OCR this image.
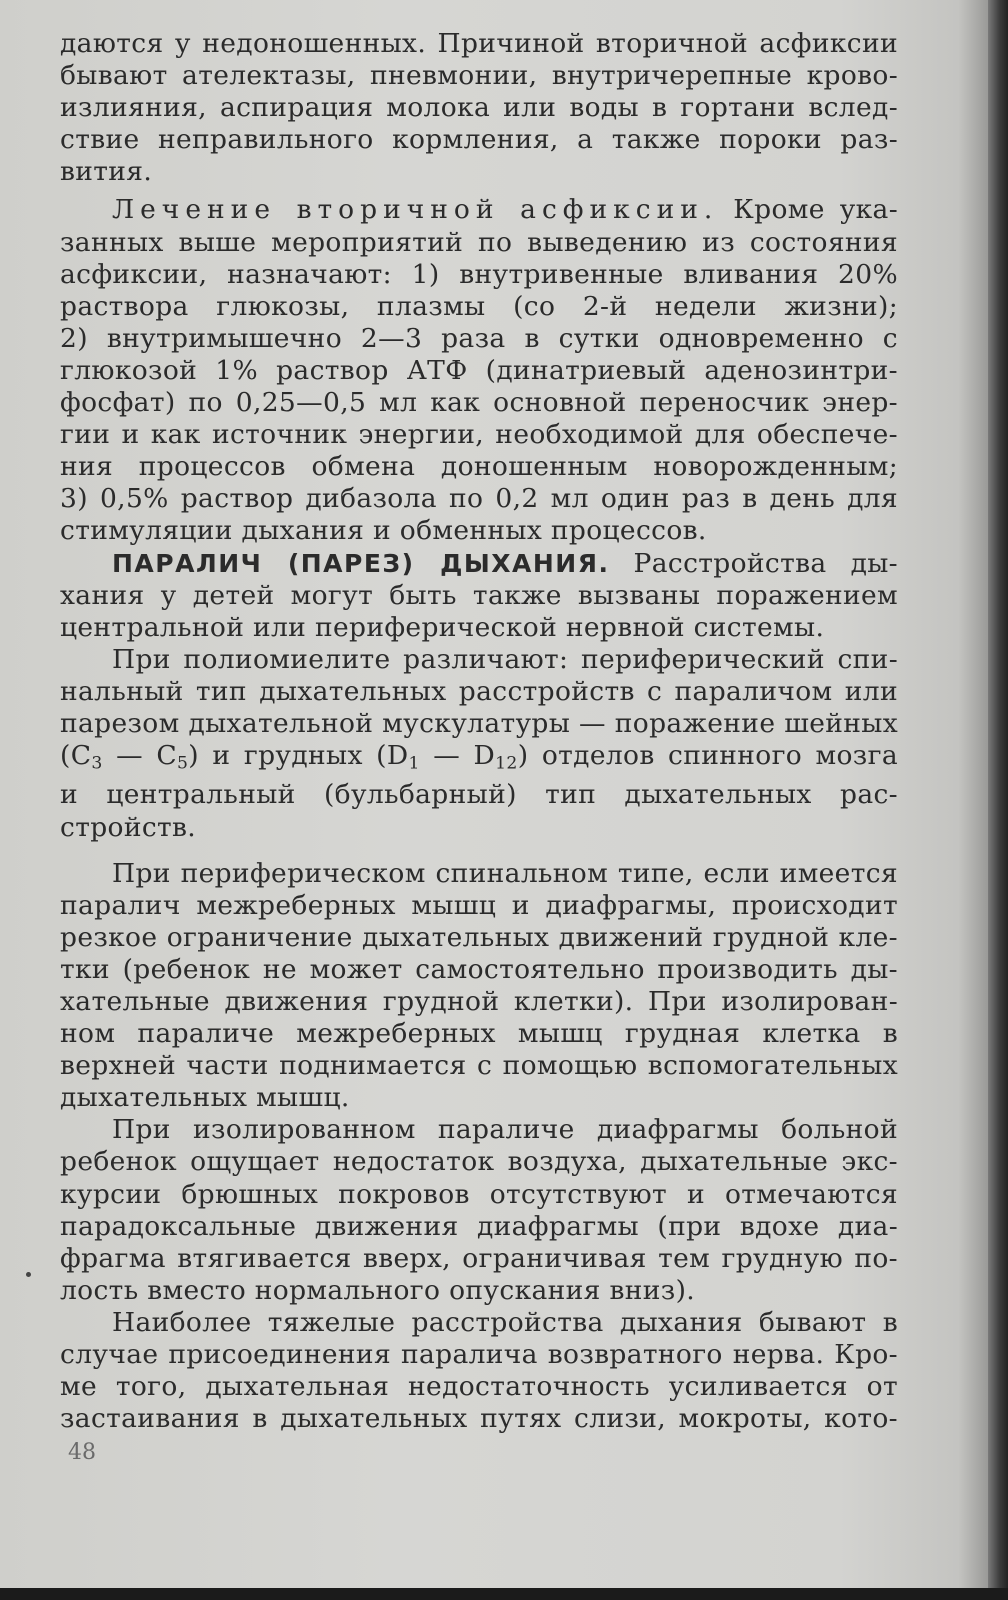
даются у недоношенных. Причиной вторичной асфиксии
бывают ателектазы, пневмонии, внутричерепные крово-
излияния, аспирация молока или воды в гортани вслед-
ствие неправильного кормления, а также пороки раз-
вития.
Лечение вторичной асфиксии. Кроме ука-
занных выше мероприятий по выведению из состояния
асфиксии, назначают: 1) внутривенные вливания 20%
раствора глюкозы, плазмы (со 2-й недели жизни);
2) внутримышечно 2—3 раза в сутки одновременно с
глюкозой 1% раствор АТФ (динатриевый аденозинтри-
фосфат) по 0,25—0,5 мл как основной переносчик энер-
гии и как источник энергии, необходимой для обеспече-
ния процессов обмена доношенным новорожденным;
3) 0,5% раствор дибазола по 0,2 мл один раз в день для
стимуляции дыхания и обменных процессов.
ПАРАЛИЧ (ПАРЕЗ) ДЫХАНИЯ. Расстройства ды-
хания у детей могут быть также вызваны поражением
центральной или периферической нервной системы.
При полиомиелите различают: периферический спи-
нальный тип дыхательных расстройств с параличом или
парезом дыхательной мускулатуры — поражение шейных
($C_3$ — $C_5$) и грудных ($D_1$ — $D_{12}$) отделов спинного мозга
и центральный (бульбарный) тип дыхательных рас-
стройств.
При периферическом спинальном типе, если имеется
паралич межреберных мышц и диафрагмы, происходит
резкое ограничение дыхательных движений грудной кле-
тки (ребенок не может самостоятельно производить ды-
хательные движения грудной клетки). При изолирован-
ном параличе межреберных мышц грудная клетка в
верхней части поднимается с помощью вспомогательных
дыхательных мышц.
При изолированном параличе диафрагмы больной
ребенок ощущает недостаток воздуха, дыхательные экс-
курсии брюшных покровов отсутствуют и отмечаются
парадоксальные движения диафрагмы (при вдохе диа-
фрагма втягивается вверх, ограничивая тем грудную по-
лость вместо нормального опускания вниз).
Наиболее тяжелые расстройства дыхания бывают в
случае присоединения паралича возвратного нерва. Кро-
ме того, дыхательная недостаточность усиливается от
застаивания в дыхательных путях слизи, мокроты, кото-
48
